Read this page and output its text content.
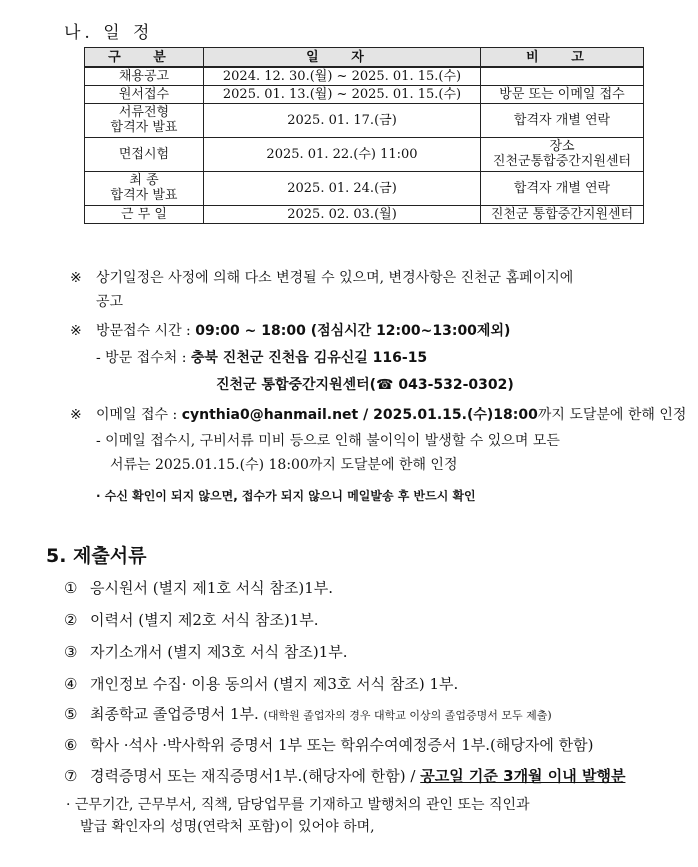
나. 일 정
구 분	일 자	비 고
채용공고	2024. 12. 30.(월) ~ 2025. 01. 15.(수)	
원서접수	2025. 01. 13.(월) ~ 2025. 01. 15.(수)	방문 또는 이메일 접수

서류전형
합격자 발표	2025. 01. 17.(금)	합격자 개별 연락
면접시험	2025. 01. 22.(수) 11:00	장소
진천군통합중간지원센터

최 종
합격자 발표	2025. 01. 24.(금)	합격자 개별 연락
근 무 일	2025. 02. 03.(월)	진천군 통합중간지원센터
※ 상기일정은 사정에 의해 다소 변경될 수 있으며, 변경사항은 진천군 홈페이지에
공고
※ 방문접수 시간 : 09:00 ~ 18:00 (점심시간 12:00~13:00제외)
- 방문 접수처 : 충북 진천군 진천읍 김유신길 116-15
진천군 통합중간지원센터(☎ 043-532-0302)
※ 이메일 접수 : cynthia0@hanmail.net / 2025.01.15.(수)18:00까지 도달분에 한해 인정
- 이메일 접수시, 구비서류 미비 등으로 인해 불이익이 발생할 수 있으며 모든
서류는 2025.01.15.(수) 18:00까지 도달분에 한해 인정
· 수신 확인이 되지 않으면, 접수가 되지 않으니 메일발송 후 반드시 확인
5. 제출서류
① 응시원서 (별지 제1호 서식 참조)1부.
② 이력서 (별지 제2호 서식 참조)1부.
③ 자기소개서 (별지 제3호 서식 참조)1부.
④ 개인정보 수집· 이용 동의서 (별지 제3호 서식 참조) 1부.
⑤ 최종학교 졸업증명서 1부. (대학원 졸업자의 경우 대학교 이상의 졸업증명서 모두 제출)
⑥ 학사 ·석사 ·박사학위 증명서 1부 또는 학위수여예정증서 1부.(해당자에 한함)
⑦ 경력증명서 또는 재직증명서1부.(해당자에 한함) / 공고일 기준 3개월 이내 발행분
· 근무기간, 근무부서, 직책, 담당업무를 기재하고 발행처의 관인 또는 직인과
발급 확인자의 성명(연락처 포함)이 있어야 하며,
